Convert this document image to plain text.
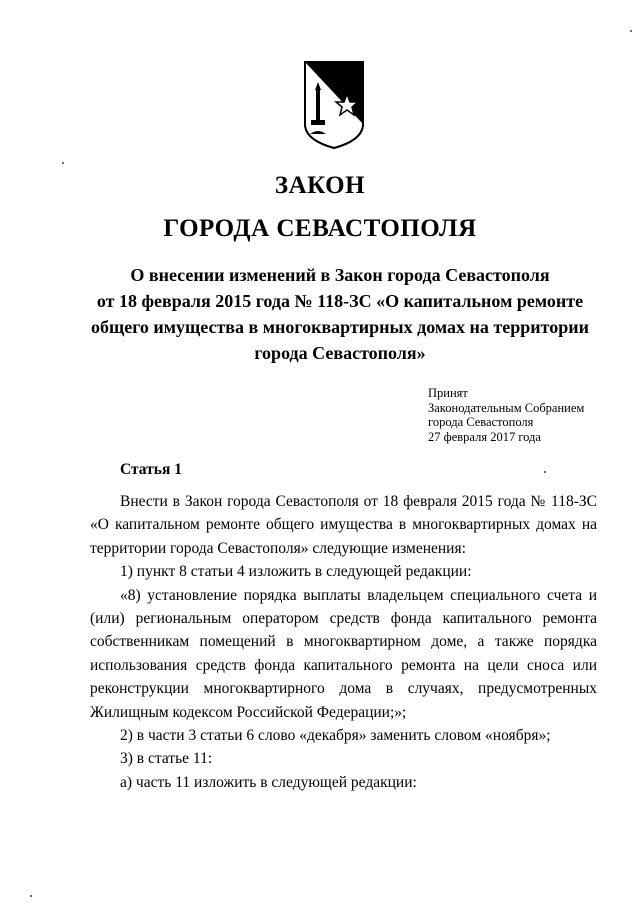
ЗАКОН
ГОРОДА СЕВАСТОПОЛЯ
О внесении изменений в Закон города Севастополя
от 18 февраля 2015 года № 118-ЗС «О капитальном ремонте
общего имущества в многоквартирных домах на территории
города Севастополя»
Принят
Законодательным Собранием
города Севастополя
27 февраля 2017 года
Статья 1
Внести в Закон города Севастополя от 18 февраля 2015 года № 118-ЗС
«О капитальном ремонте общего имущества в многоквартирных домах на
территории города Севастополя» следующие изменения:
1) пункт 8 статьи 4 изложить в следующей редакции:
«8) установление порядка выплаты владельцем специального счета и
(или) региональным оператором средств фонда капитального ремонта
собственникам помещений в многоквартирном доме, а также порядка
использования средств фонда капитального ремонта на цели сноса или
реконструкции многоквартирного дома в случаях, предусмотренных
Жилищным кодексом Российской Федерации;»;
2) в части 3 статьи 6 слово «декабря» заменить словом «ноября»;
3) в статье 11:
а) часть 11 изложить в следующей редакции:
